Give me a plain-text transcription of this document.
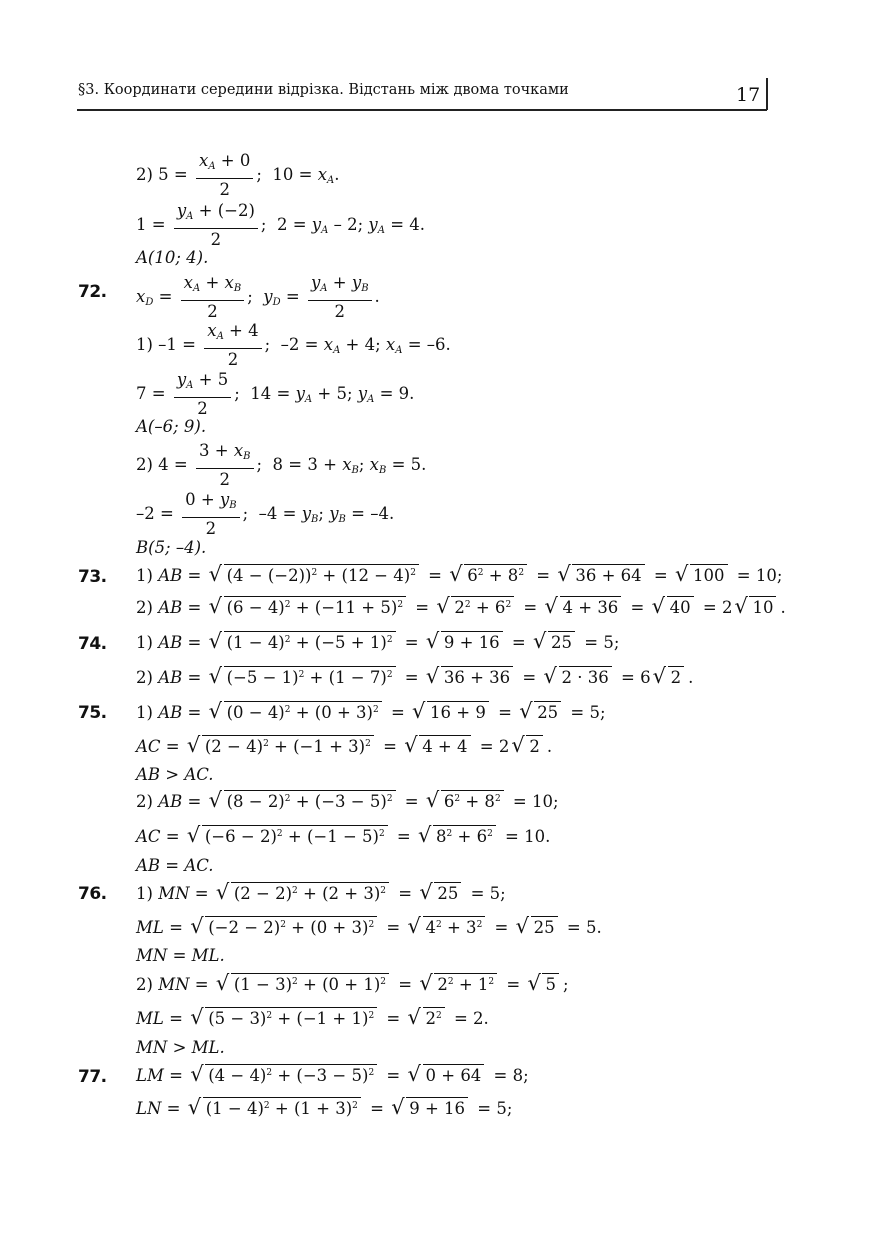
§3. Координати середини відрізка. Відстань між двома точками	17
72.
73.
74.
75.
76.
77.
2) $5 = \frac{x_A + 0}{2}$ ;  $10 = x_A$.
$1 = \frac{y_A + (-2)}{2}$ ;  $2 = y_A - 2$; $y_A = 4$.
A(10; 4).
$x_D = \frac{x_A + x_B}{2}$ ;  $y_D = \frac{y_A + y_B}{2}$ .
1) $-1 = \frac{x_A + 4}{2}$ ;  $-2 = x_A + 4$; $x_A = -6$.
$7 = \frac{y_A + 5}{2}$ ;  $14 = y_A + 5$; $y_A = 9$.
A(–6; 9).
2) $4 = \frac{3 + x_B}{2}$ ;  $8 = 3 + x_B$; $x_B = 5$.
$-2 = \frac{0 + y_B}{2}$ ;  $-4 = y_B$; $y_B = -4$.
B(5; –4).
1) AB = √ $(4 - (-2))^2 + (12 - 4)^2$ = √ $6^2 + 8^2$ = √ 36 + 64 = √ 100 = 10;
2) AB = √ $(6 - 4)^2 + (-11 + 5)^2$ = √ $2^2 + 6^2$ = √ 4 + 36 = √ 40 = 2 √ 10 .
1) AB = √ $(1 - 4)^2 + (-5 + 1)^2$ = √ 9 + 16 = √ 25 = 5;
2) AB = √ $(-5 - 1)^2 + (1 - 7)^2$ = √ 36 + 36 = √ 2 · 36 = 6 √ 2 .
1) AB = √ $(0 - 4)^2 + (0 + 3)^2$ = √ 16 + 9 = √ 25 = 5;
AC = √ $(2 - 4)^2 + (-1 + 3)^2$ = √ 4 + 4 = 2 √ 2 .
AB > AC.
2) AB = √ $(8 - 2)^2 + (-3 - 5)^2$ = √ $6^2 + 8^2 = 10$;
AC = √ $(-6 - 2)^2 + (-1 - 5)^2$ = √ $8^2 + 6^2 = 10$.
AB = AC.
1) MN = √ $(2 - 2)^2 + (2 + 3)^2$ = √ 25 = 5;
ML = √ $(-2 - 2)^2 + (0 + 3)^2$ = √ $4^2 + 3^2$ = √ 25 = 5.
MN = ML.
2) MN = √ $(1 - 3)^2 + (0 + 1)^2$ = √ $2^2 + 1^2$ = √ 5 ;
ML = √ $(5 - 3)^2 + (-1 + 1)^2$ = √ $2^2 = 2$.
MN > ML.
LM = √ $(4 - 4)^2 + (-3 - 5)^2$ = √ 0 + 64 = 8;
LN = √ $(1 - 4)^2 + (1 + 3)^2$ = √ 9 + 16 = 5;
